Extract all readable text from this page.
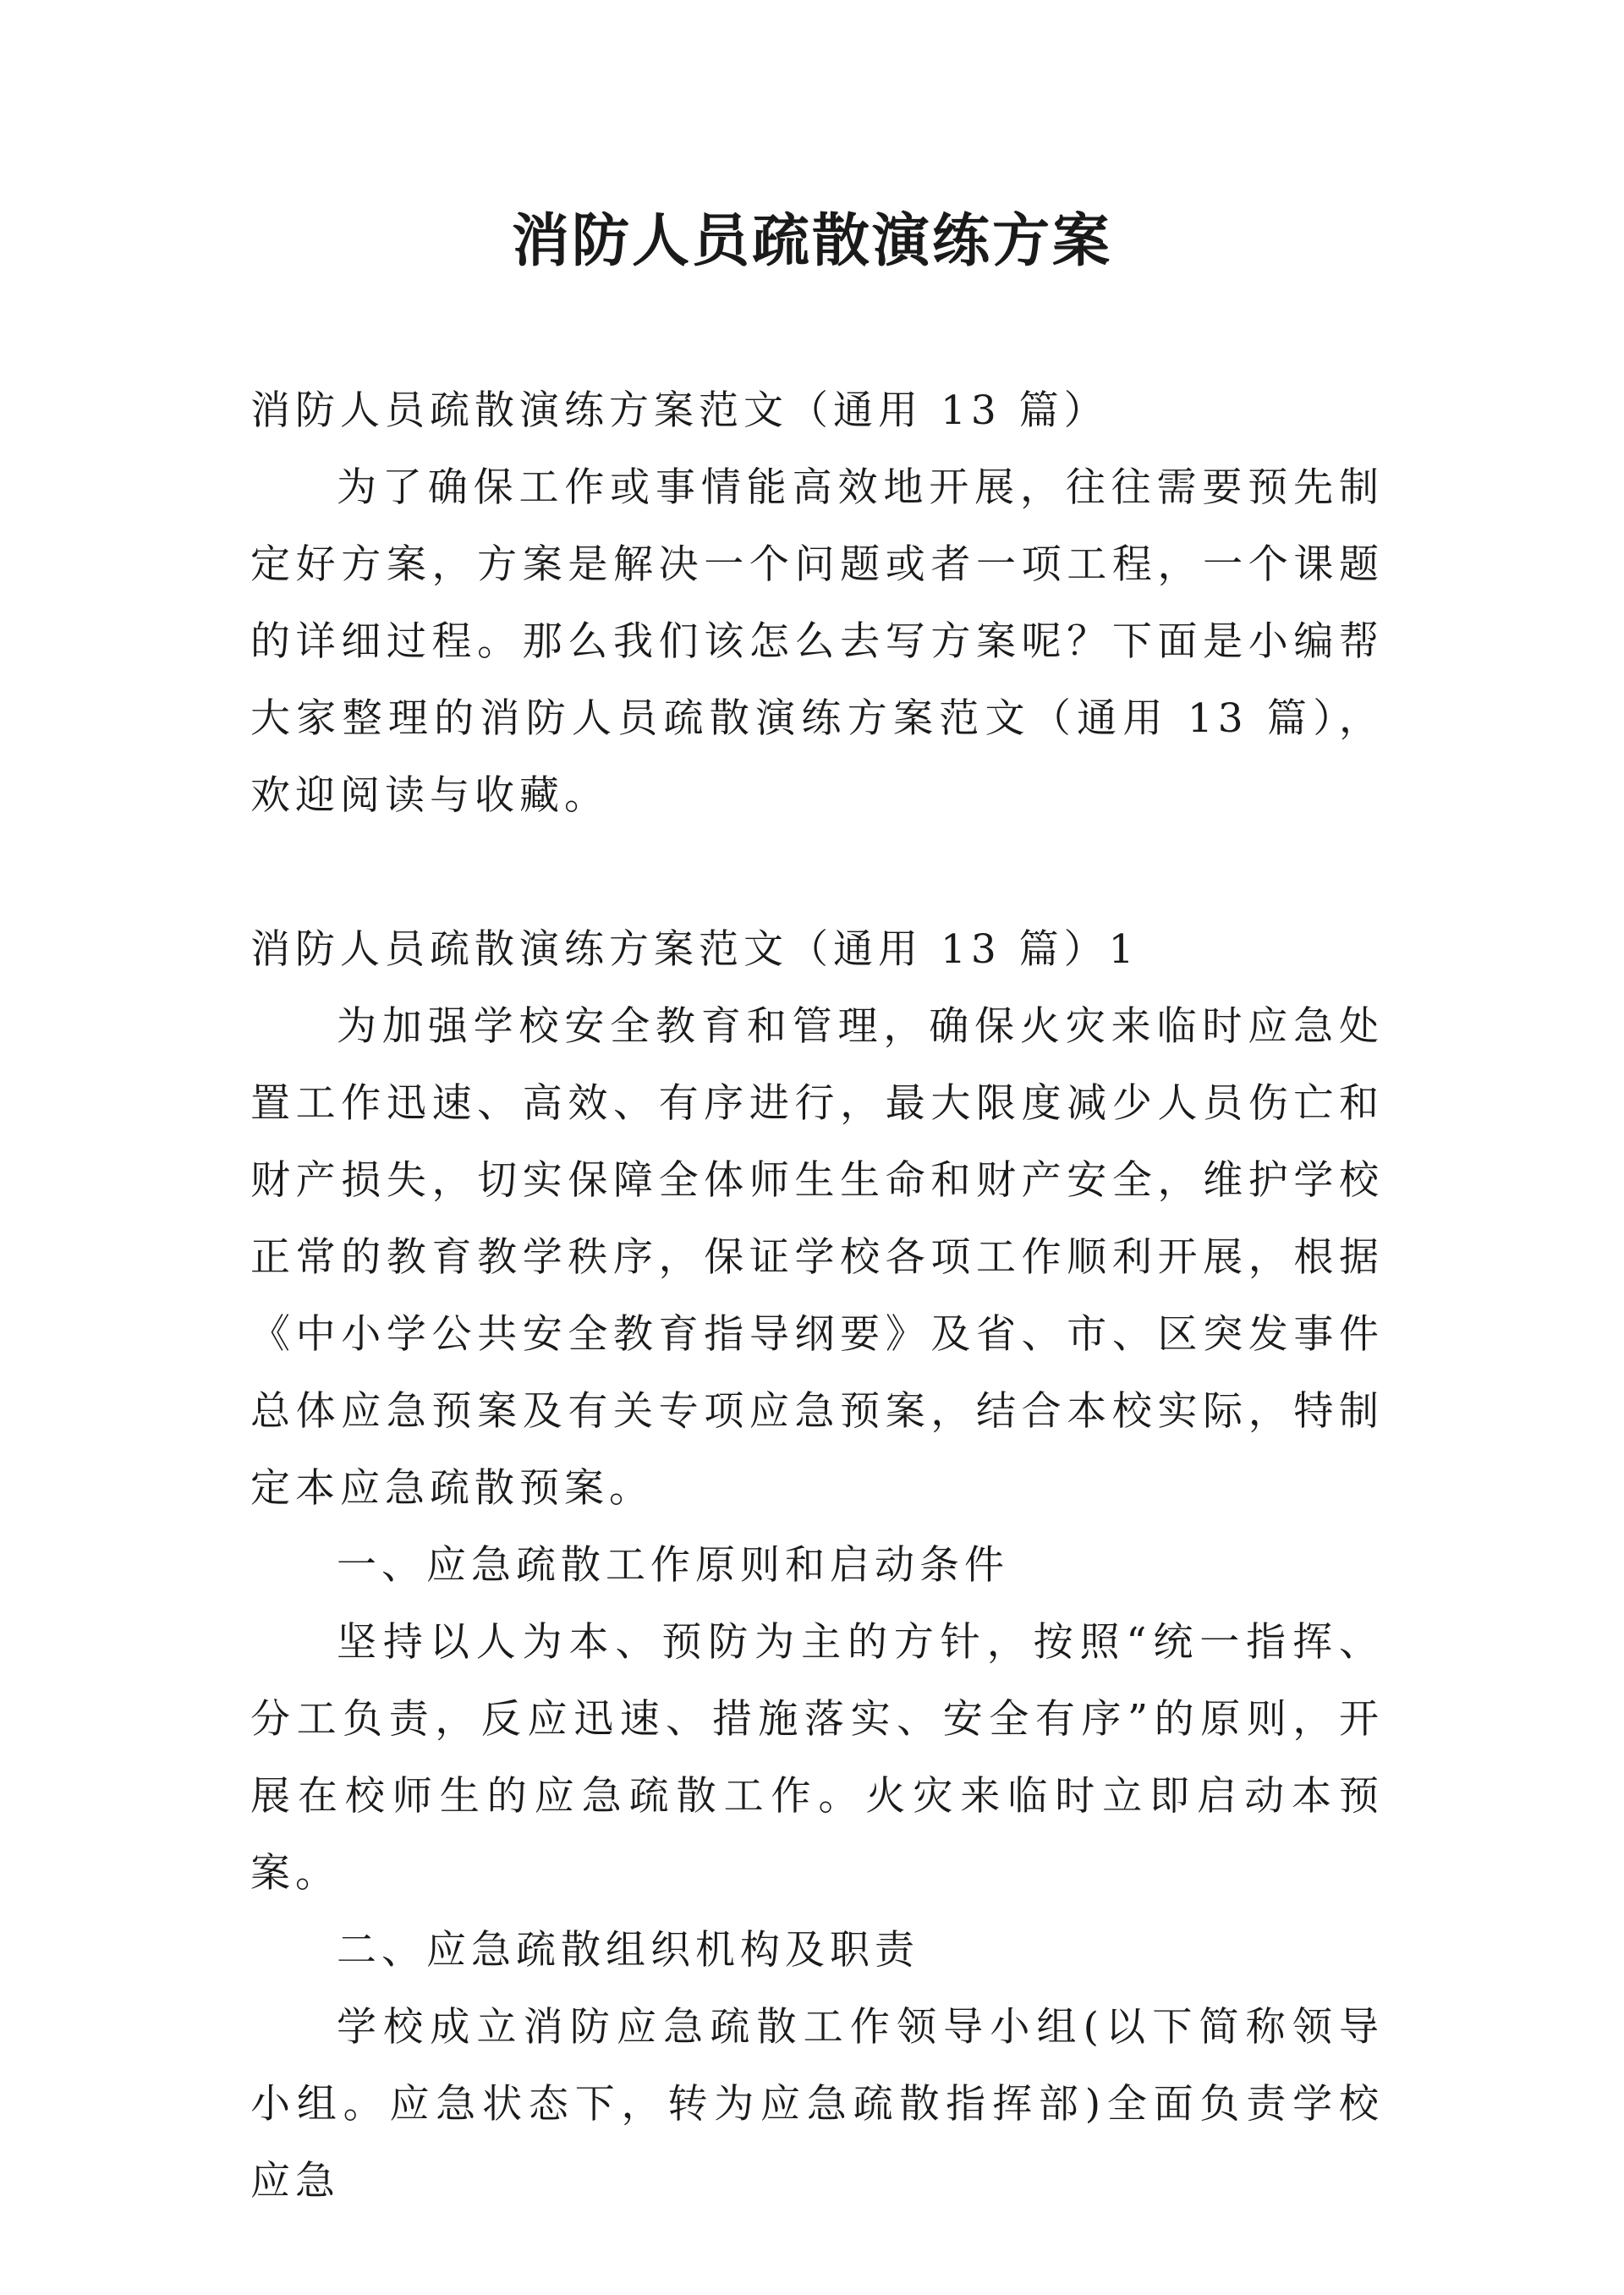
消防人员疏散演练方案

消防人员疏散演练方案范文（通用 13 篇）

为了确保工作或事情能高效地开展，往往需要预先制定好方案，方案是解决一个问题或者一项工程，一个课题的详细过程。那么我们该怎么去写方案呢？下面是小编帮大家整理的消防人员疏散演练方案范文（通用 13 篇），欢迎阅读与收藏。

消防人员疏散演练方案范文（通用 13 篇）1

为加强学校安全教育和管理，确保火灾来临时应急处置工作迅速、高效、有序进行，最大限度减少人员伤亡和财产损失，切实保障全体师生生命和财产安全，维护学校正常的教育教学秩序，保证学校各项工作顺利开展，根据《中小学公共安全教育指导纲要》及省、市、区突发事件总体应急预案及有关专项应急预案，结合本校实际，特制定本应急疏散预案。

一、应急疏散工作原则和启动条件

坚持以人为本、预防为主的方针，按照“统一指挥、分工负责，反应迅速、措施落实、安全有序”的原则，开展在校师生的应急疏散工作。火灾来临时立即启动本预案。

二、应急疏散组织机构及职责

学校成立消防应急疏散工作领导小组(以下简称领导小组。应急状态下，转为应急疏散指挥部)全面负责学校应急
